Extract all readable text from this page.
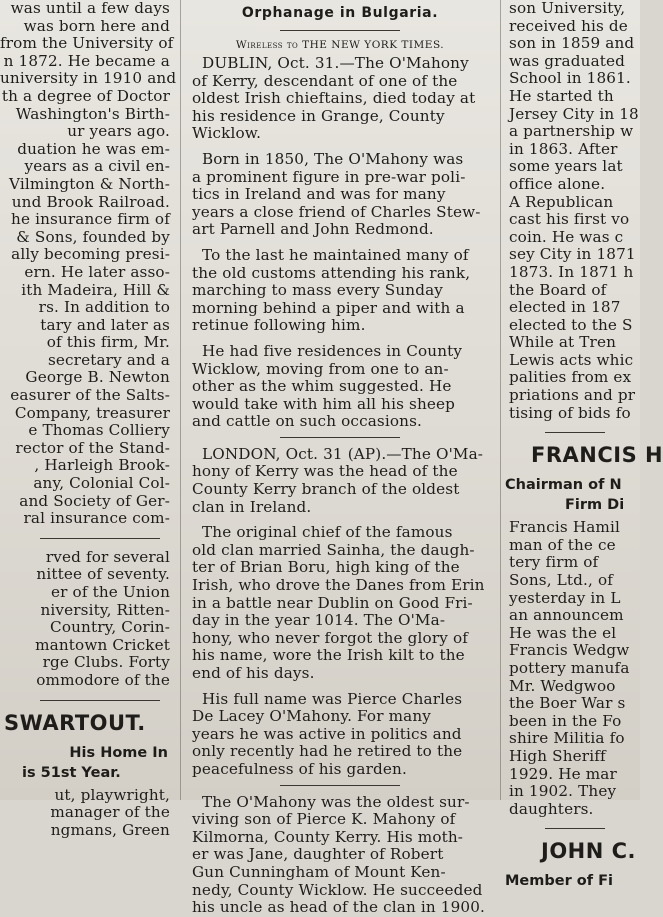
was until a few days
was born here and
from the University of
n 1872. He became a
university in 1910 and
th a degree of Doctor
Washington's Birth-
ur years ago.
duation he was em-
years as a civil en-
Vilmington & North-
und Brook Railroad.
he insurance firm of
& Sons, founded by
ally becoming presi-
ern. He later asso-
ith Madeira, Hill &
rs. In addition to
tary and later as
of this firm, Mr.
secretary and a
George B. Newton
easurer of the Salts-
Company, treasurer
e Thomas Colliery
rector of the Stand-
, Harleigh Brook-
any, Colonial Col-
and Society of Ger-
ral insurance com-
rved for several
nittee of seventy.
er of the Union
niversity, Ritten-
Country, Corin-
mantown Cricket
rge Clubs. Forty
ommodore of the
SWARTOUT.
His Home In
is 51st Year.
ut, playwright,
manager of the
ngmans, Green
Orphanage in Bulgaria.
Wireless to THE NEW YORK TIMES.
DUBLIN, Oct. 31.—The O'Mahony
of Kerry, descendant of one of the
oldest Irish chieftains, died today at
his residence in Grange, County
Wicklow.
Born in 1850, The O'Mahony was
a prominent figure in pre-war poli-
tics in Ireland and was for many
years a close friend of Charles Stew-
art Parnell and John Redmond.
To the last he maintained many of
the old customs attending his rank,
marching to mass every Sunday
morning behind a piper and with a
retinue following him.
He had five residences in County
Wicklow, moving from one to an-
other as the whim suggested. He
would take with him all his sheep
and cattle on such occasions.
LONDON, Oct. 31 (AP).—The O'Ma-
hony of Kerry was the head of the
County Kerry branch of the oldest
clan in Ireland.
The original chief of the famous
old clan married Sainha, the daugh-
ter of Brian Boru, high king of the
Irish, who drove the Danes from Erin
in a battle near Dublin on Good Fri-
day in the year 1014. The O'Ma-
hony, who never forgot the glory of
his name, wore the Irish kilt to the
end of his days.
His full name was Pierce Charles
De Lacey O'Mahony. For many
years he was active in politics and
only recently had he retired to the
peacefulness of his garden.
The O'Mahony was the oldest sur-
viving son of Pierce K. Mahony of
Kilmorna, County Kerry. His moth-
er was Jane, daughter of Robert
Gun Cunningham of Mount Ken-
nedy, County Wicklow. He succeeded
his uncle as head of the clan in 1900.
son University,
received his de
son in 1859 and
was graduated
School in 1861.
He started th
Jersey City in 18
a partnership w
in 1863. After
some years lat
office alone.
A Republican
cast his first vo
coin. He was c
sey City in 1871
1873. In 1871 h
the Board of
elected in 187
elected to the S
While at Tren
Lewis acts whic
palities from ex
priations and pr
tising of bids fo
FRANCIS H
Chairman of N
Firm Di
Francis Hamil
man of the ce
tery firm of
Sons, Ltd., of
yesterday in L
an announcem
He was the el
Francis Wedgw
pottery manufa
Mr. Wedgwoo
the Boer War s
been in the Fo
shire Militia fo
High Sheriff
1929. He mar
in 1902. They
daughters.
JOHN C.
Member of Fi
